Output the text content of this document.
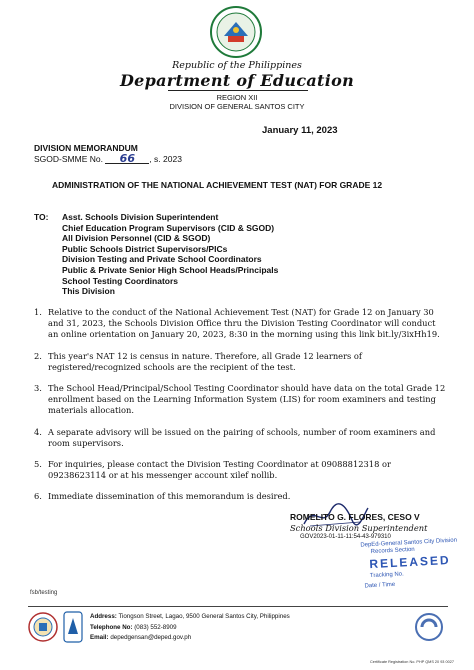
Republic of the Philippines
Department of Education
REGION XII
DIVISION OF GENERAL SANTOS CITY
January 11, 2023
DIVISION MEMORANDUM
SGOD-SMME No. 66 , s. 2023
ADMINISTRATION OF THE NATIONAL ACHIEVEMENT TEST (NAT) FOR GRADE 12
TO: Asst. Schools Division Superintendent
Chief Education Program Supervisors (CID & SGOD)
All Division Personnel (CID & SGOD)
Public Schools District Supervisors/PICs
Division Testing and Private School Coordinators
Public & Private Senior High School Heads/Principals
School Testing Coordinators
This Division
1. Relative to the conduct of the National Achievement Test (NAT) for Grade 12 on January 30 and 31, 2023, the Schools Division Office thru the Division Testing Coordinator will conduct an online orientation on January 20, 2023, 8:30 in the morning using this link bit.ly/3ixHh19.
2. This year's NAT 12 is census in nature. Therefore, all Grade 12 learners of registered/recognized schools are the recipient of the test.
3. The School Head/Principal/School Testing Coordinator should have data on the total Grade 12 enrollment based on the Learning Information System (LIS) for room examiners and testing materials allocation.
4. A separate advisory will be issued on the pairing of schools, number of room examiners and room supervisors.
5. For inquiries, please contact the Division Testing Coordinator at 09088812318 or 09238623114 or at his messenger account xilef nollib.
6. Immediate dissemination of this memorandum is desired.
ROMELITO G. FLORES, CESO V
Schools Division Superintendent
GOV2023-01-11-11:54-43-979310
DepEd-General Santos City Division
Records Section
RELEASED
Tracking No.
Date / Time
fsb/testing
Address: Tiongson Street, Lagao, 9500 General Santos City, Philippines
Telephone No: (083) 552-8909
Email: depedgensan@deped.gov.ph
Certificate Registration No. PHP QMS 20 93 0027
